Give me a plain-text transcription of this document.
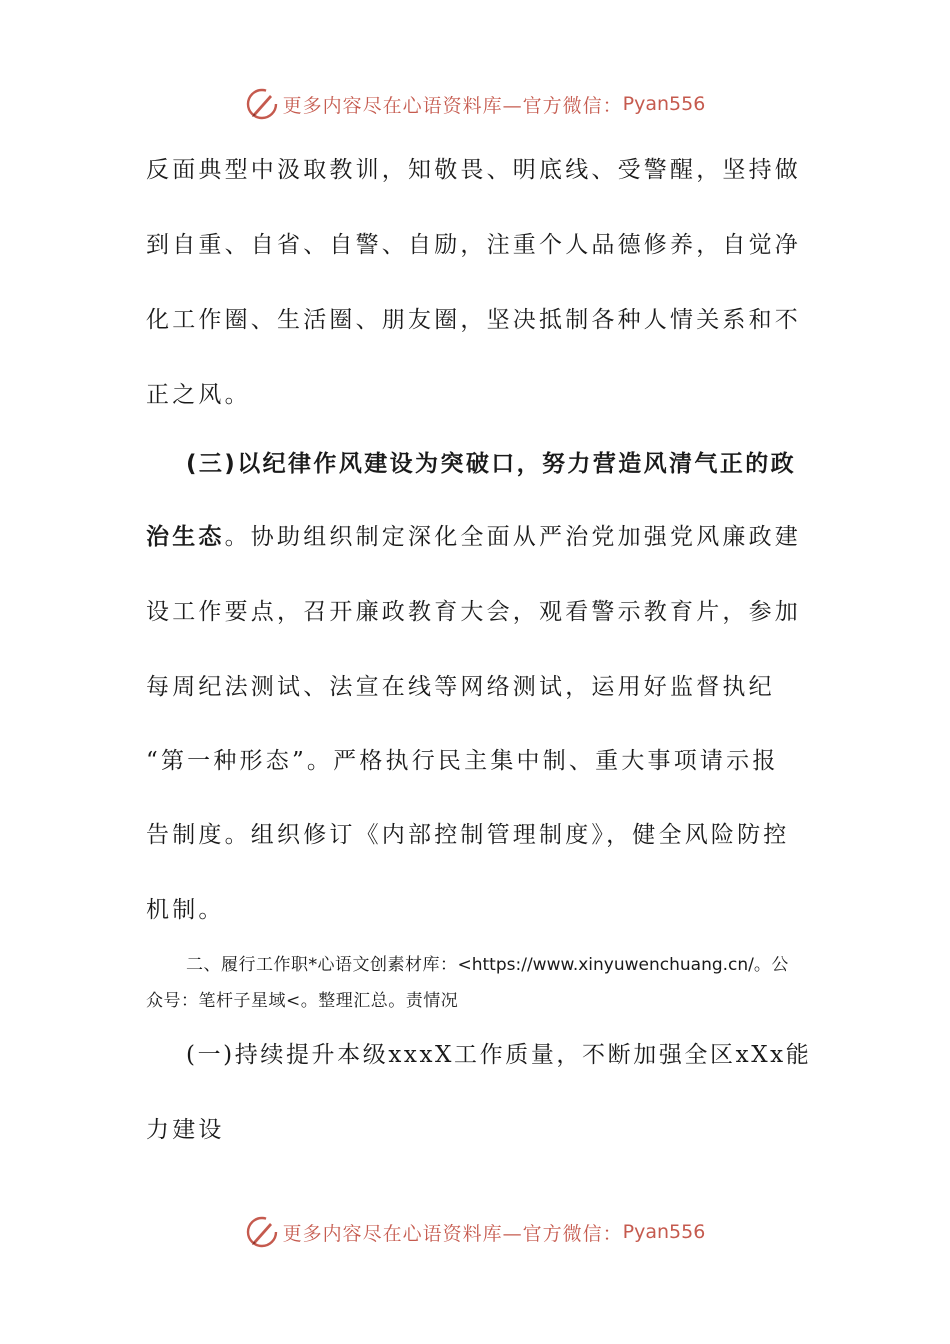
更多内容尽在心语资料库—官方微信： Pyan556
反面典型中汲取教训，知敬畏、明底线、受警醒，坚持做
到自重、自省、自警、自励，注重个人品德修养，自觉净
化工作圈、生活圈、朋友圈，坚决抵制各种人情关系和不
正之风。
(三)以纪律作风建设为突破口，努力营造风清气正的政
治生态。协助组织制定深化全面从严治党加强党风廉政建
设工作要点，召开廉政教育大会，观看警示教育片，参加
每周纪法测试、法宣在线等网络测试，运用好监督执纪
“第一种形态”。严格执行民主集中制、重大事项请示报
告制度。组织修订《内部控制管理制度》，健全风险防控
机制。
二、履行工作职*心语文创素材库：<https://www.xinyuwenchuang.cn/。公
众号：笔杆子星域<。整理汇总。责情况
(一)持续提升本级xxxX工作质量，不断加强全区xXx能
力建设
更多内容尽在心语资料库—官方微信： Pyan556
